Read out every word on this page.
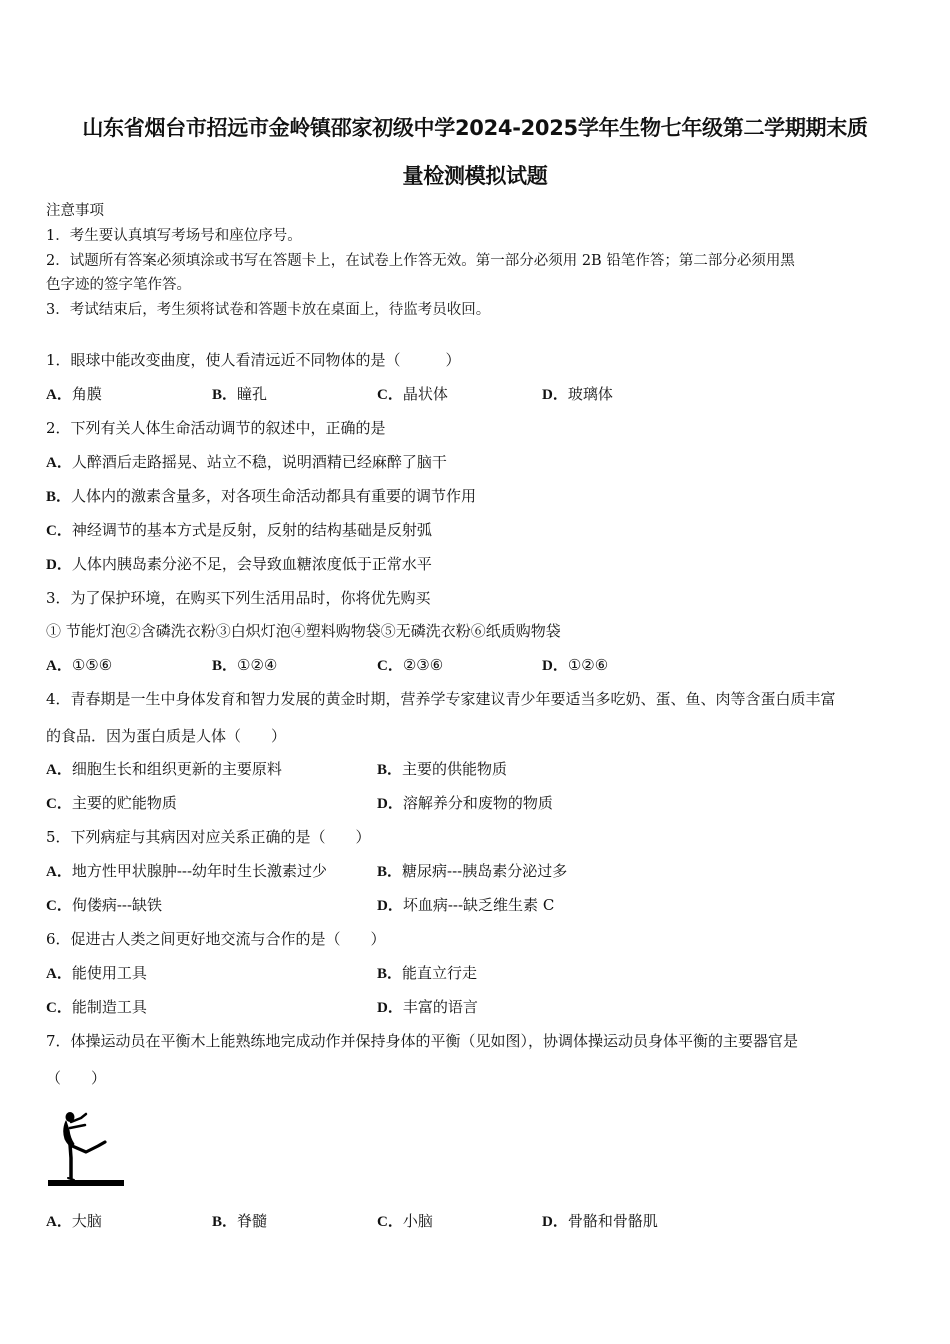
山东省烟台市招远市金岭镇邵家初级中学2024-2025学年生物七年级第二学期期末质
量检测模拟试题
注意事项
1．考生要认真填写考场号和座位序号。
2．试题所有答案必须填涂或书写在答题卡上，在试卷上作答无效。第一部分必须用 2B 铅笔作答；第二部分必须用黑
色字迹的签字笔作答。
3．考试结束后，考生须将试卷和答题卡放在桌面上，待监考员收回。
1．眼球中能改变曲度，使人看清远近不同物体的是（　　　）
A．角膜	B．瞳孔	C．晶状体	D．玻璃体
2．下列有关人体生命活动调节的叙述中，正确的是
A．人醉酒后走路摇晃、站立不稳，说明酒精已经麻醉了脑干
B．人体内的激素含量多，对各项生命活动都具有重要的调节作用
C．神经调节的基本方式是反射，反射的结构基础是反射弧
D．人体内胰岛素分泌不足，会导致血糖浓度低于正常水平
3．为了保护环境，在购买下列生活用品时，你将优先购买
① 节能灯泡②含磷洗衣粉③白炽灯泡④塑料购物袋⑤无磷洗衣粉⑥纸质购物袋
A．①⑤⑥	B．①②④	C．②③⑥	D．①②⑥
4．青春期是一生中身体发育和智力发展的黄金时期，营养学专家建议青少年要适当多吃奶、蛋、鱼、肉等含蛋白质丰富
的食品．因为蛋白质是人体（　　）
A．细胞生长和组织更新的主要原料	B．主要的供能物质
C．主要的贮能物质	D．溶解养分和废物的物质
5．下列病症与其病因对应关系正确的是（　　）
A．地方性甲状腺肿---幼年时生长激素过少	B．糖尿病---胰岛素分泌过多
C．佝偻病---缺铁	D．坏血病---缺乏维生素 C
6．促进古人类之间更好地交流与合作的是（　　）
A．能使用工具	B．能直立行走
C．能制造工具	D．丰富的语言
7．体操运动员在平衡木上能熟练地完成动作并保持身体的平衡（见如图），协调体操运动员身体平衡的主要器官是
（　　）
A．大脑	B．脊髓	C．小脑	D．骨骼和骨骼肌
